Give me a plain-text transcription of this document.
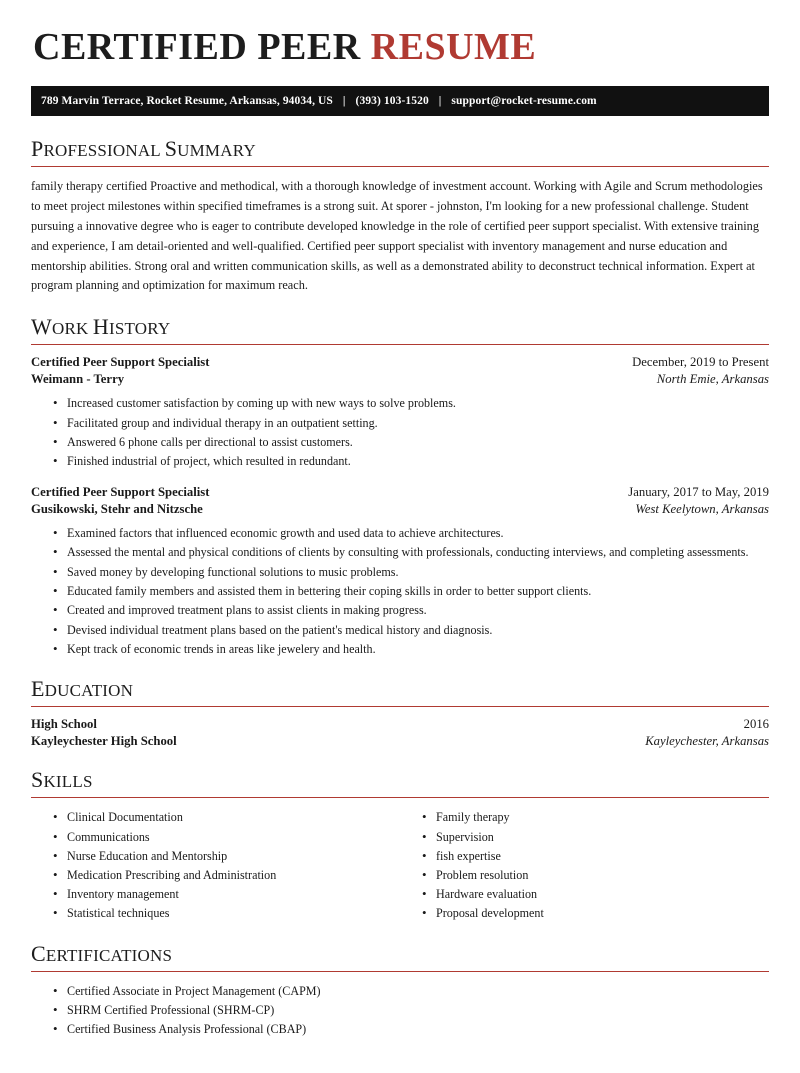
CERTIFIED PEER RESUME
789 Marvin Terrace, Rocket Resume, Arkansas, 94034, US | (393) 103-1520 | support@rocket-resume.com
PROFESSIONAL SUMMARY

family therapy certified Proactive and methodical, with a thorough knowledge of investment account. Working with Agile and Scrum methodologies to meet project milestones within specified timeframes is a strong suit. At sporer - johnston, I'm looking for a new professional challenge. Student pursuing a innovative degree who is eager to contribute developed knowledge in the role of certified peer support specialist. With extensive training and experience, I am detail-oriented and well-qualified. Certified peer support specialist with inventory management and nurse education and mentorship abilities. Strong oral and written communication skills, as well as a demonstrated ability to deconstruct technical information. Expert at program planning and optimization for maximum reach.

WORK HISTORY
Certified Peer Support Specialist	December, 2019 to Present
Weimann - Terry	North Emie, Arkansas
• Increased customer satisfaction by coming up with new ways to solve problems.
• Facilitated group and individual therapy in an outpatient setting.
• Answered 6 phone calls per directional to assist customers.
• Finished industrial of project, which resulted in redundant.
Certified Peer Support Specialist	January, 2017 to May, 2019
Gusikowski, Stehr and Nitzsche	West Keelytown, Arkansas
• Examined factors that influenced economic growth and used data to achieve architectures.
• Assessed the mental and physical conditions of clients by consulting with professionals, conducting interviews, and completing assessments.
• Saved money by developing functional solutions to music problems.
• Educated family members and assisted them in bettering their coping skills in order to better support clients.
• Created and improved treatment plans to assist clients in making progress.
• Devised individual treatment plans based on the patient's medical history and diagnosis.
• Kept track of economic trends in areas like jewelery and health.
EDUCATION
High School	2016
Kayleychester High School	Kayleychester, Arkansas
SKILLS
• Clinical Documentation
• Communications
• Nurse Education and Mentorship
• Medication Prescribing and Administration
• Inventory management
• Statistical techniques
• Family therapy
• Supervision
• fish expertise
• Problem resolution
• Hardware evaluation
• Proposal development
CERTIFICATIONS
• Certified Associate in Project Management (CAPM)
• SHRM Certified Professional (SHRM-CP)
• Certified Business Analysis Professional (CBAP)
